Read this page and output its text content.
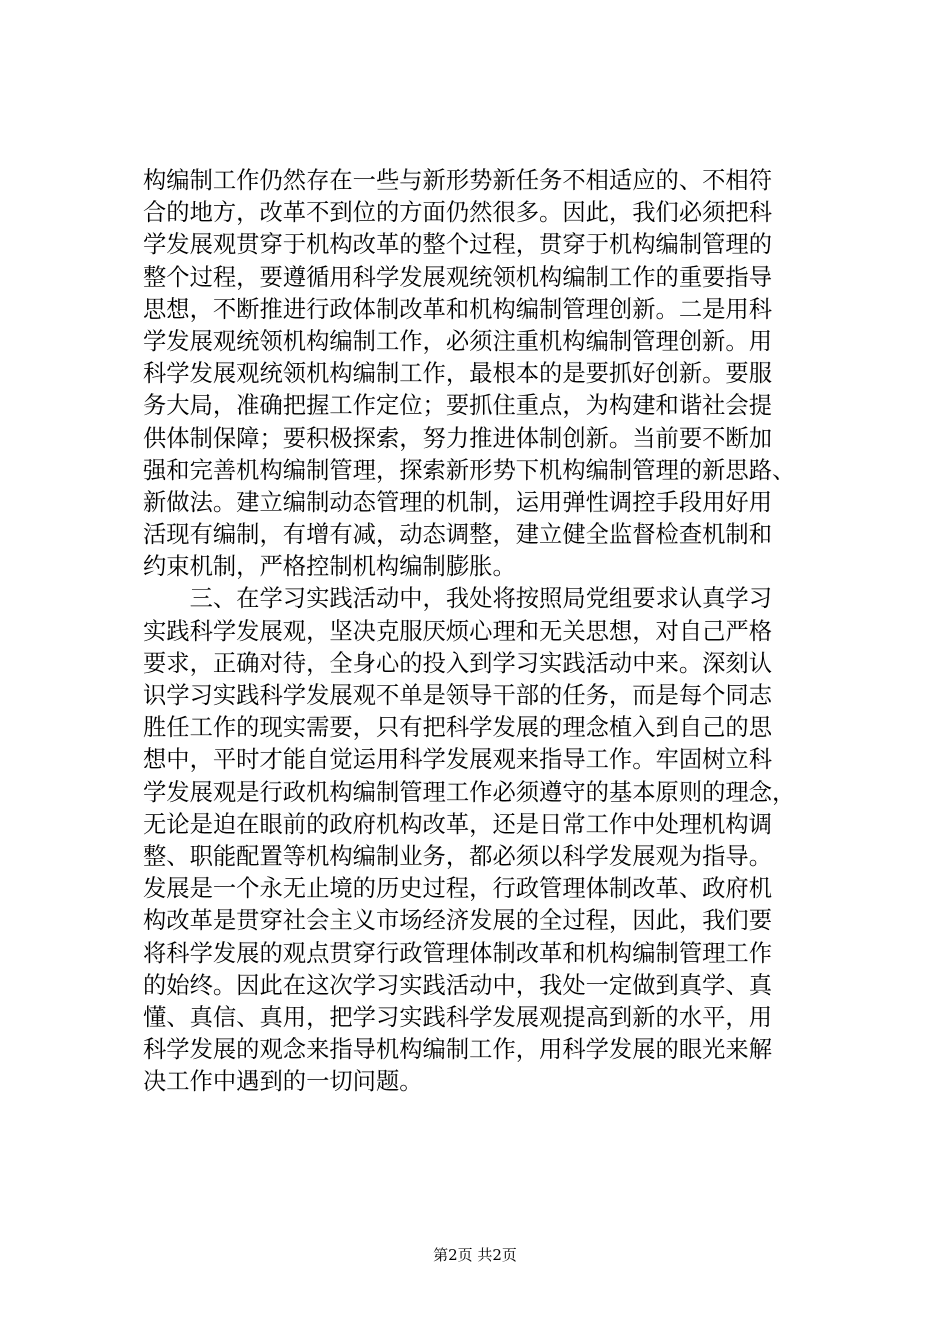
构编制工作仍然存在一些与新形势新任务不相适应的、不相符
合的地方，改革不到位的方面仍然很多。因此，我们必须把科
学发展观贯穿于机构改革的整个过程，贯穿于机构编制管理的
整个过程，要遵循用科学发展观统领机构编制工作的重要指导
思想，不断推进行政体制改革和机构编制管理创新。二是用科
学发展观统领机构编制工作，必须注重机构编制管理创新。用
科学发展观统领机构编制工作，最根本的是要抓好创新。要服
务大局，准确把握工作定位；要抓住重点，为构建和谐社会提
供体制保障；要积极探索，努力推进体制创新。当前要不断加
强和完善机构编制管理，探索新形势下机构编制管理的新思路、
新做法。建立编制动态管理的机制，运用弹性调控手段用好用
活现有编制，有增有减，动态调整，建立健全监督检查机制和
约束机制，严格控制机构编制膨胀。
　　三、在学习实践活动中，我处将按照局党组要求认真学习
实践科学发展观，坚决克服厌烦心理和无关思想，对自己严格
要求，正确对待，全身心的投入到学习实践活动中来。深刻认
识学习实践科学发展观不单是领导干部的任务，而是每个同志
胜任工作的现实需要，只有把科学发展的理念植入到自己的思
想中，平时才能自觉运用科学发展观来指导工作。牢固树立科
学发展观是行政机构编制管理工作必须遵守的基本原则的理念，
无论是迫在眼前的政府机构改革，还是日常工作中处理机构调
整、职能配置等机构编制业务，都必须以科学发展观为指导。
发展是一个永无止境的历史过程，行政管理体制改革、政府机
构改革是贯穿社会主义市场经济发展的全过程，因此，我们要
将科学发展的观点贯穿行政管理体制改革和机构编制管理工作
的始终。因此在这次学习实践活动中，我处一定做到真学、真
懂、真信、真用，把学习实践科学发展观提高到新的水平，用
科学发展的观念来指导机构编制工作，用科学发展的眼光来解
决工作中遇到的一切问题。
第2页 共2页
